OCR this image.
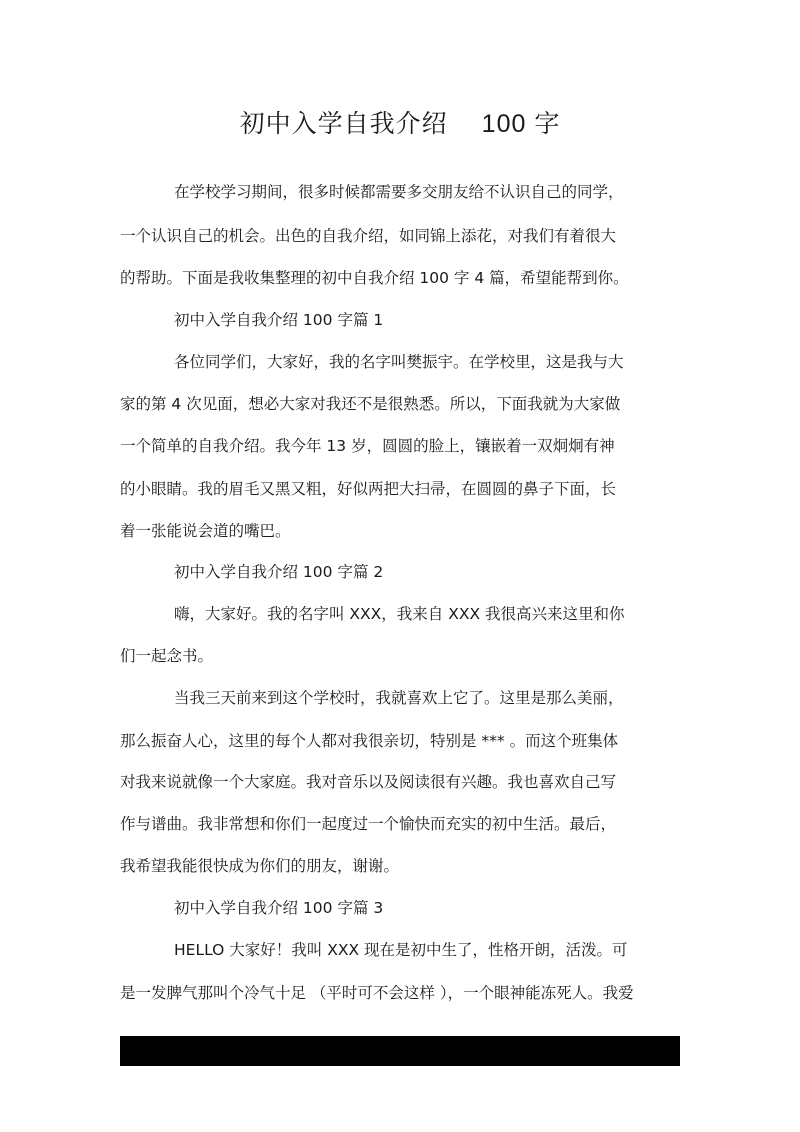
初中入学自我介绍 100 字
在学校学习期间，很多时候都需要多交朋友给不认识自己的同学，
一个认识自己的机会。出色的自我介绍，如同锦上添花，对我们有着很大
的帮助。下面是我收集整理的初中自我介绍 100 字 4 篇，希望能帮到你。
初中入学自我介绍 100 字篇 1
各位同学们，大家好，我的名字叫樊振宇。在学校里，这是我与大
家的第 4 次见面，想必大家对我还不是很熟悉。所以，下面我就为大家做
一个简单的自我介绍。我今年 13 岁，圆圆的脸上，镶嵌着一双炯炯有神
的小眼睛。我的眉毛又黑又粗，好似两把大扫帚，在圆圆的鼻子下面，长
着一张能说会道的嘴巴。
初中入学自我介绍 100 字篇 2
嗨，大家好。我的名字叫 XXX，我来自 XXX 我很高兴来这里和你
们一起念书。
当我三天前来到这个学校时，我就喜欢上它了。这里是那么美丽，
那么振奋人心，这里的每个人都对我很亲切，特别是 *** 。而这个班集体
对我来说就像一个大家庭。我对音乐以及阅读很有兴趣。我也喜欢自己写
作与谱曲。我非常想和你们一起度过一个愉快而充实的初中生活。最后，
我希望我能很快成为你们的朋友，谢谢。
初中入学自我介绍 100 字篇 3
HELLO 大家好！我叫 XXX 现在是初中生了，性格开朗，活泼。可
是一发脾气那叫个冷气十足 （平时可不会这样 ），一个眼神能冻死人。我爱
